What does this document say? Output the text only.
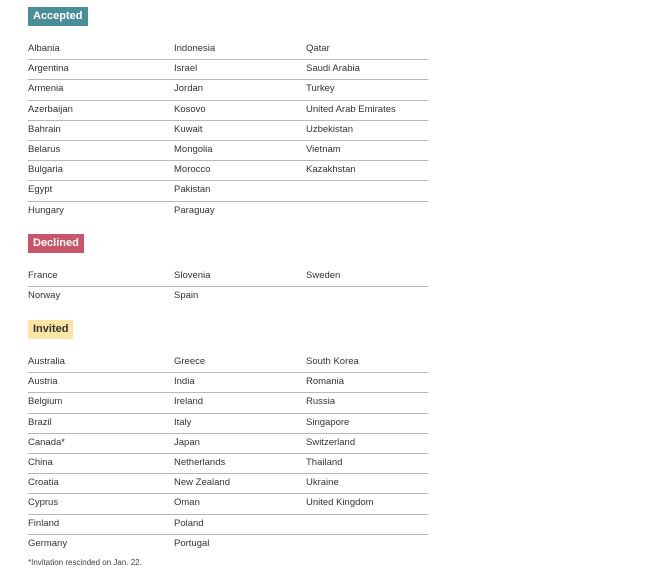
Accepted
Albania	Indonesia	Qatar
Argentina	Israel	Saudi Arabia
Armenia	Jordan	Turkey
Azerbaijan	Kosovo	United Arab Emirates
Bahrain	Kuwait	Uzbekistan
Belarus	Mongolia	Vietnam
Bulgaria	Morocco	Kazakhstan
Egypt	Pakistan
Hungary	Paraguay
Declined
France	Slovenia	Sweden
Norway	Spain
Invited
Australia	Greece	South Korea
Austria	India	Romania
Belgium	Ireland	Russia
Brazil	Italy	Singapore
Canada*	Japan	Switzerland
China	Netherlands	Thailand
Croatia	New Zealand	Ukraine
Cyprus	Oman	United Kingdom
Finland	Poland
Germany	Portugal
*Invitation rescinded on Jan. 22.
